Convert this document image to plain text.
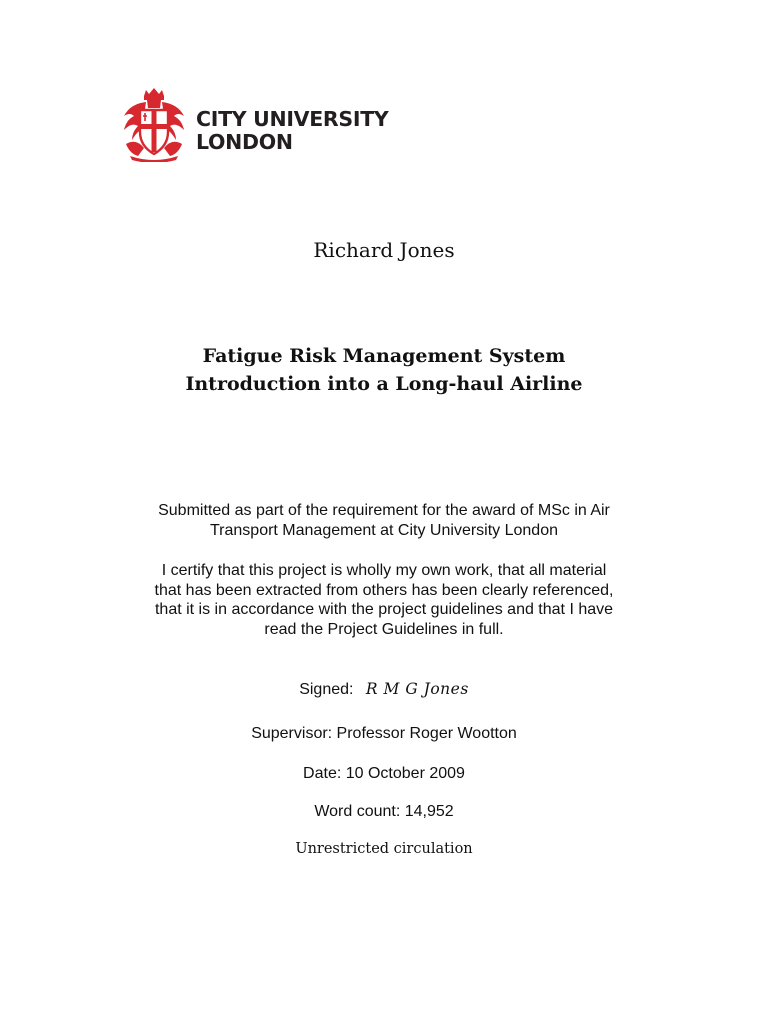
CITY UNIVERSITY
LONDON
Richard Jones
Fatigue Risk Management System
Introduction into a Long-haul Airline
Submitted as part of the requirement for the award of MSc in Air
Transport Management at City University London
I certify that this project is wholly my own work, that all material
that has been extracted from others has been clearly referenced,
that it is in accordance with the project guidelines and that I have
read the Project Guidelines in full.
Signed: R M G Jones
Supervisor: Professor Roger Wootton
Date: 10 October 2009
Word count: 14,952
Unrestricted circulation
